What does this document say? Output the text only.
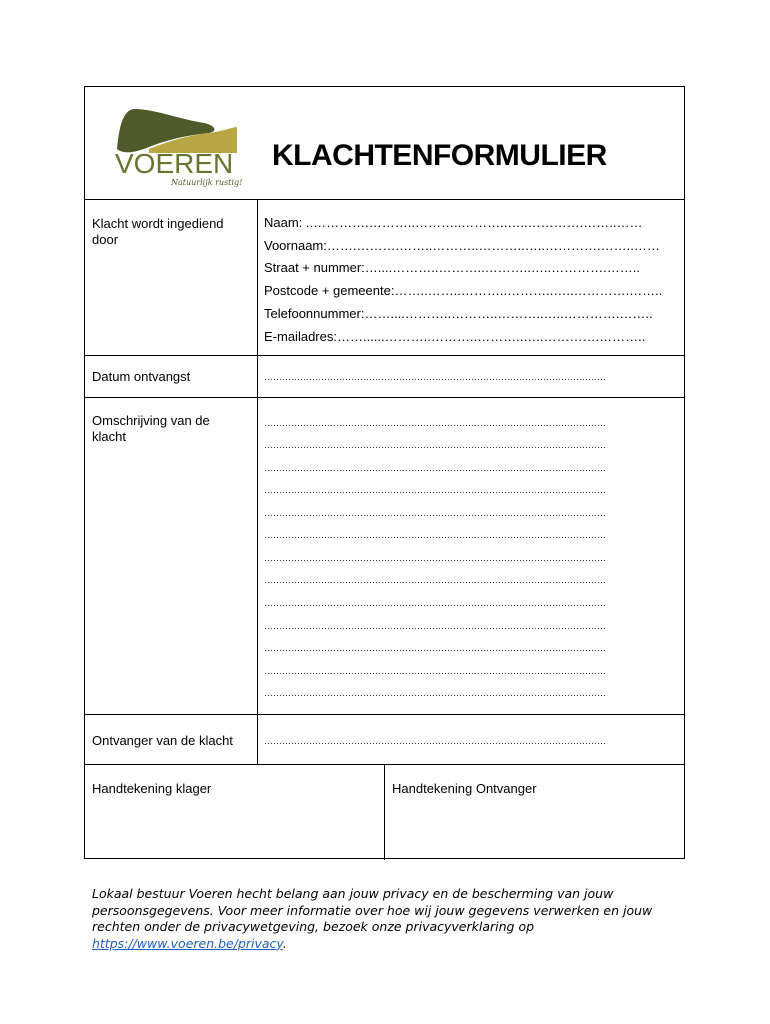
VOEREN
Natuurlijk rustig!
KLACHTENFORMULIER
Klacht wordt ingediend door
Naam: ..………….………..………..………..…..………….……..……
Voornaam:…….……….……..………..………..…..………….……..……
Straat + nummer:…....………..………..………..…..………….……..
Postcode + gemeente:……..……..………..………..…..………….……..
Telefoonnummer:……....………..………..………..…..………….……..
E-mailadres:……......………..………..………..…..………….………..
Datum ontvangst	……………………………………………………………………………………………………
Omschrijving van de klacht
……………………………………………………………………………………………………
……………………………………………………………………………………………………
……………………………………………………………………………………………………
……………………………………………………………………………………………………
……………………………………………………………………………………………………
……………………………………………………………………………………………………
……………………………………………………………………………………………………
……………………………………………………………………………………………………
……………………………………………………………………………………………………
……………………………………………………………………………………………………
……………………………………………………………………………………………………
……………………………………………………………………………………………………
……………………………………………………………………………………………………
Ontvanger van de klacht	……………………………………………………………………………………………………
Handtekening klager	Handtekening Ontvanger
Lokaal bestuur Voeren hecht belang aan jouw privacy en de bescherming van jouw persoonsgegevens. Voor meer informatie over hoe wij jouw gegevens verwerken en jouw rechten onder de privacywetgeving, bezoek onze privacyverklaring op https://www.voeren.be/privacy.
